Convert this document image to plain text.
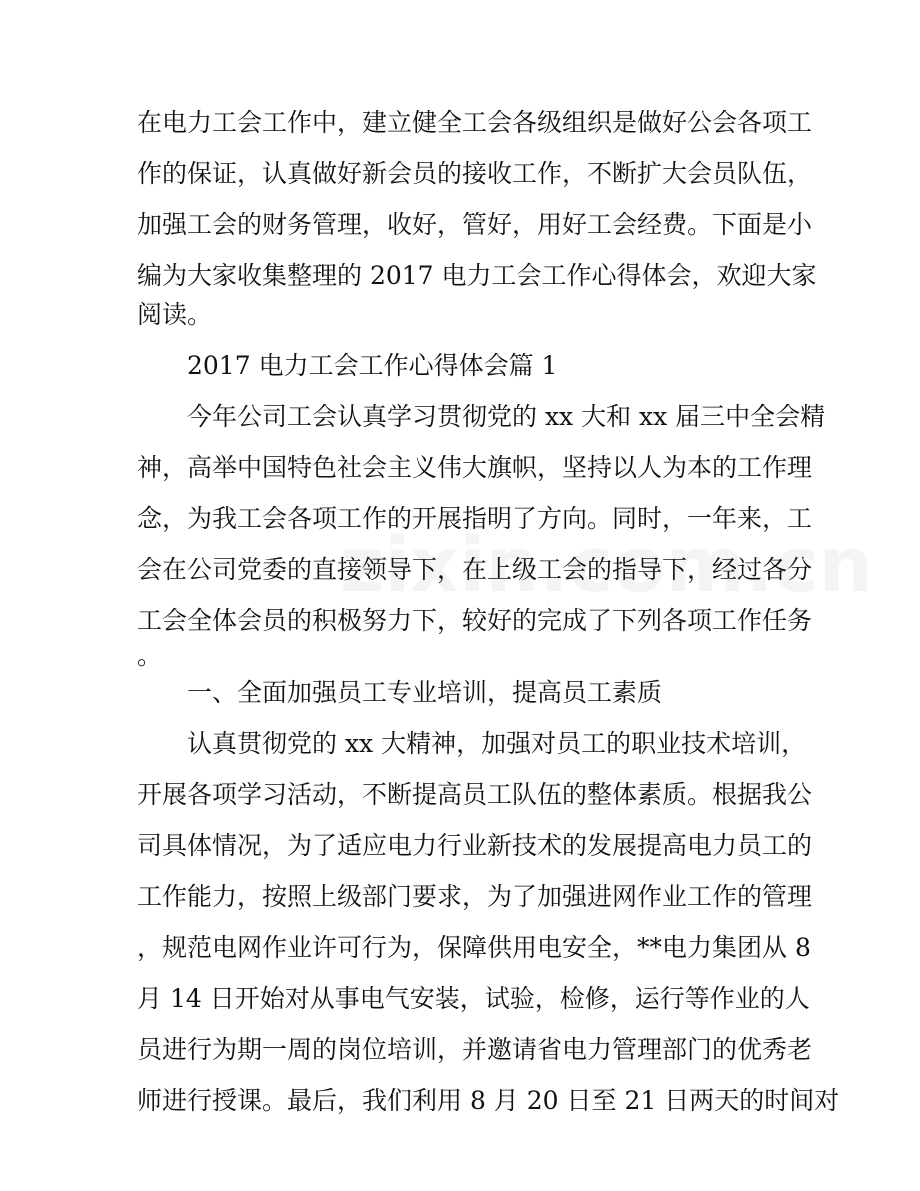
在电力工会工作中，建立健全工会各级组织是做好公会各项工
作的保证，认真做好新会员的接收工作，不断扩大会员队伍，
加强工会的财务管理，收好，管好，用好工会经费。下面是小
编为大家收集整理的 2017 电力工会工作心得体会，欢迎大家
阅读。
2017 电力工会工作心得体会篇 1
今年公司工会认真学习贯彻党的 xx 大和 xx 届三中全会精
神，高举中国特色社会主义伟大旗帜，坚持以人为本的工作理
念，为我工会各项工作的开展指明了方向。同时，一年来，工
会在公司党委的直接领导下，在上级工会的指导下，经过各分
工会全体会员的积极努力下，较好的完成了下列各项工作任务
。
一、全面加强员工专业培训，提高员工素质
认真贯彻党的 xx 大精神，加强对员工的职业技术培训，
开展各项学习活动，不断提高员工队伍的整体素质。根据我公
司具体情况，为了适应电力行业新技术的发展提高电力员工的
工作能力，按照上级部门要求，为了加强进网作业工作的管理
，规范电网作业许可行为，保障供用电安全，**电力集团从 8
月 14 日开始对从事电气安装，试验，检修，运行等作业的人
员进行为期一周的岗位培训，并邀请省电力管理部门的优秀老
师进行授课。最后，我们利用 8 月 20 日至 21 日两天的时间对
